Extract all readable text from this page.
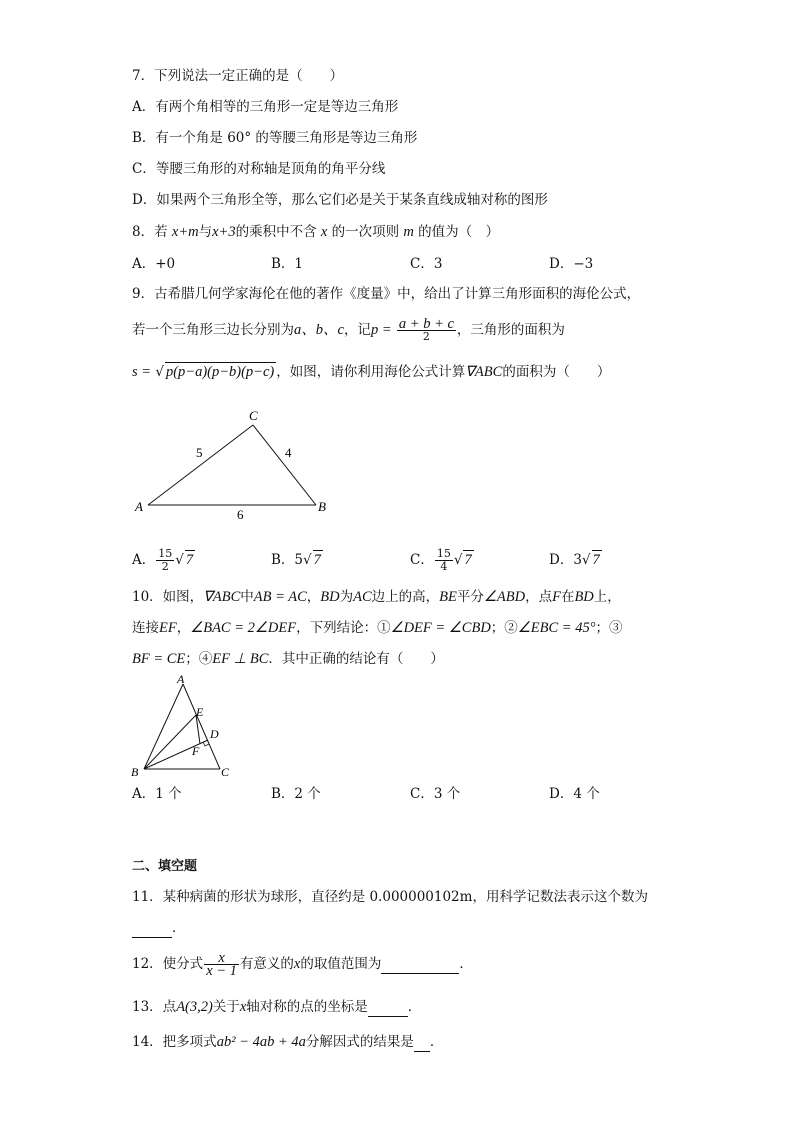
7．下列说法一定正确的是（　　）
A．有两个角相等的三角形一定是等边三角形
B．有一个角是 60° 的等腰三角形是等边三角形
C．等腰三角形的对称轴是顶角的角平分线
D．如果两个三角形全等，那么它们必是关于某条直线成轴对称的图形
8．若 x+m与x+3的乘积中不含 x 的一次项则 m 的值为（　）
A．+0	B．1	C．3	D．−3
9．古希腊几何学家海伦在他的著作《度量》中，给出了计算三角形面积的海伦公式，
若一个三角形三边长分别为a、b、c，记$p = \frac{a + b + c}{2}$ ，三角形的面积为
s = √ p(p−a)(p−b)(p−c) ，如图，请你利用海伦公式计算∇ABC的面积为（　　）
A	B
C
5	4
6
A． $\frac{15}{2}$ √ 7	B．5√ 7	C． $\frac{15}{4}$ √ 7	D．3√ 7
10．如图，∇ABC中AB = AC，BD为AC边上的高，BE平分∠ABD，点F在BD上，
连接EF，∠BAC = 2∠DEF，下列结论：①∠DEF = ∠CBD；②∠EBC = 45°；③
BF = CE；④EF ⊥ BC．其中正确的结论有（　　）
A
B	C
D
E
F
A．1 个	B．2 个	C．3 个	D．4 个
二、填空题
11．某种病菌的形状为球形，直径约是 0.000000102m，用科学记数法表示这个数为
．
12．使分式 $\frac{x}{x - 1}$ 有意义的x的取值范围为	．
13．点A(3,2)关于x轴对称的点的坐标是	．
14．把多项式ab² − 4ab + 4a分解因式的结果是 ．
